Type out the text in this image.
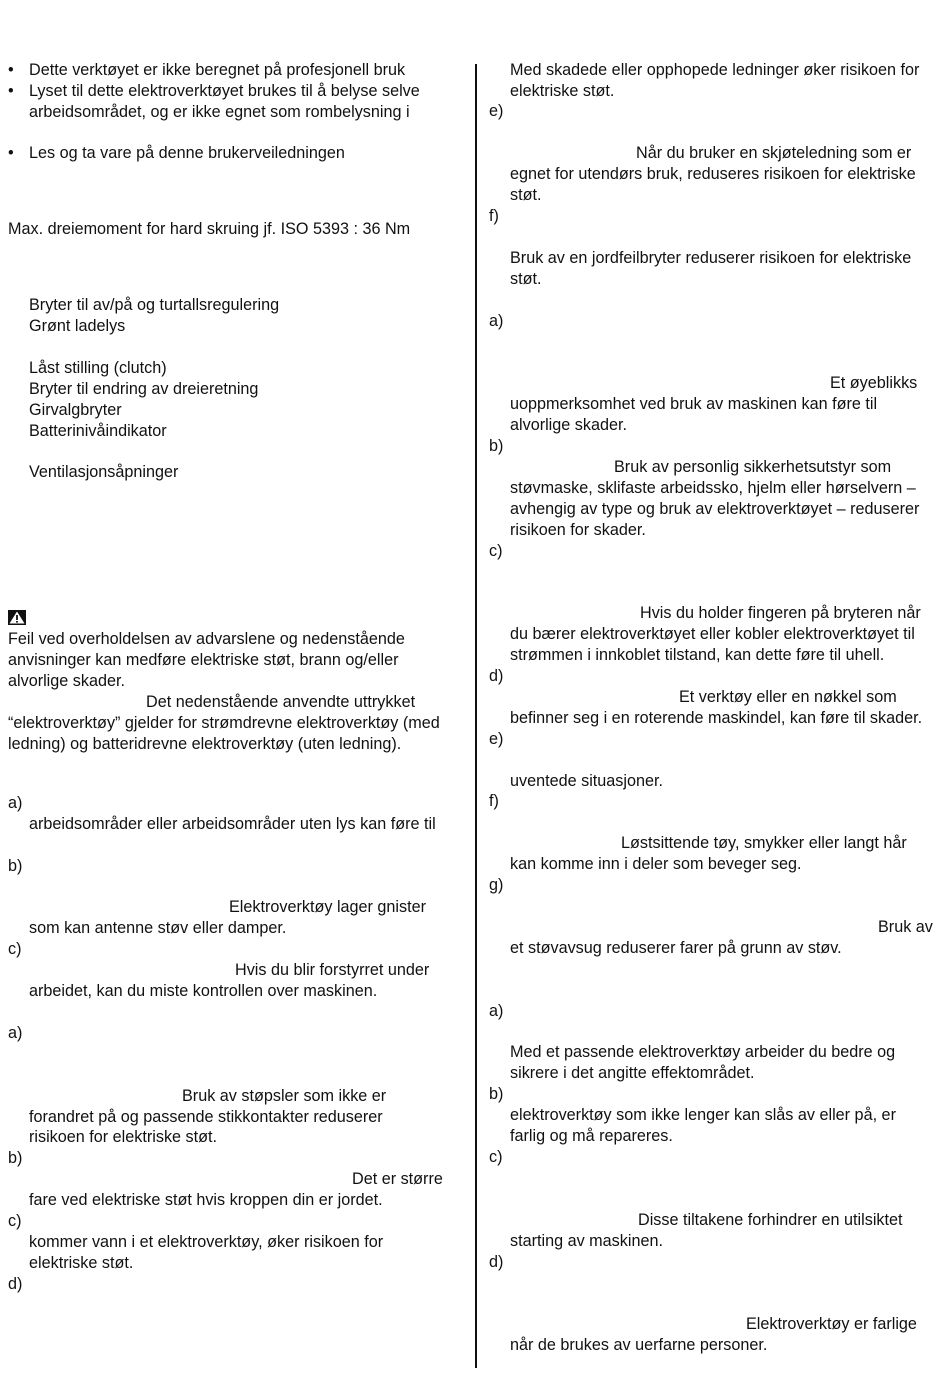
• Dette verktøyet er ikke beregnet på profesjonell bruk
• Lyset til dette elektroverktøyet brukes til å belyse selve
arbeidsområdet, og er ikke egnet som rombelysning i
• Les og ta vare på denne brukerveiledningen
Max. dreiemoment for hard skruing jf. ISO 5393 : 36 Nm
Bryter til av/på og turtallsregulering
Grønt ladelys
Låst stilling (clutch)
Bryter til endring av dreieretning
Girvalgbryter
Batterinivåindikator
Ventilasjonsåpninger
Feil ved overholdelsen av advarslene og nedenstående
anvisninger kan medføre elektriske støt, brann og/eller
alvorlige skader.
Det nedenstående anvendte uttrykket
“elektroverktøy” gjelder for strømdrevne elektroverktøy (med
ledning) og batteridrevne elektroverktøy (uten ledning).
a)
arbeidsområder eller arbeidsområder uten lys kan føre til
b)
Elektroverktøy lager gnister
som kan antenne støv eller damper.
c)
Hvis du blir forstyrret under
arbeidet, kan du miste kontrollen over maskinen.
a)
Bruk av støpsler som ikke er
forandret på og passende stikkontakter reduserer
risikoen for elektriske støt.
b)
Det er større
fare ved elektriske støt hvis kroppen din er jordet.
c)
kommer vann i et elektroverktøy, øker risikoen for
elektriske støt.
d)
Med skadede eller opphopede ledninger øker risikoen for
elektriske støt.
e)
Når du bruker en skjøteledning som er
egnet for utendørs bruk, reduseres risikoen for elektriske
støt.
f)
Bruk av en jordfeilbryter reduserer risikoen for elektriske
støt.
a)
Et øyeblikks
uoppmerksomhet ved bruk av maskinen kan føre til
alvorlige skader.
b)
Bruk av personlig sikkerhetsutstyr som
støvmaske, sklifaste arbeidssko, hjelm eller hørselvern –
avhengig av type og bruk av elektroverktøyet – reduserer
risikoen for skader.
c)
Hvis du holder fingeren på bryteren når
du bærer elektroverktøyet eller kobler elektroverktøyet til
strømmen i innkoblet tilstand, kan dette føre til uhell.
d)
Et verktøy eller en nøkkel som
befinner seg i en roterende maskindel, kan føre til skader.
e)
uventede situasjoner.
f)
Løstsittende tøy, smykker eller langt hår
kan komme inn i deler som beveger seg.
g)
Bruk av
et støvavsug reduserer farer på grunn av støv.
a)
Med et passende elektroverktøy arbeider du bedre og
sikrere i det angitte effektområdet.
b)
elektroverktøy som ikke lenger kan slås av eller på, er
farlig og må repareres.
c)
Disse tiltakene forhindrer en utilsiktet
starting av maskinen.
d)
Elektroverktøy er farlige
når de brukes av uerfarne personer.
